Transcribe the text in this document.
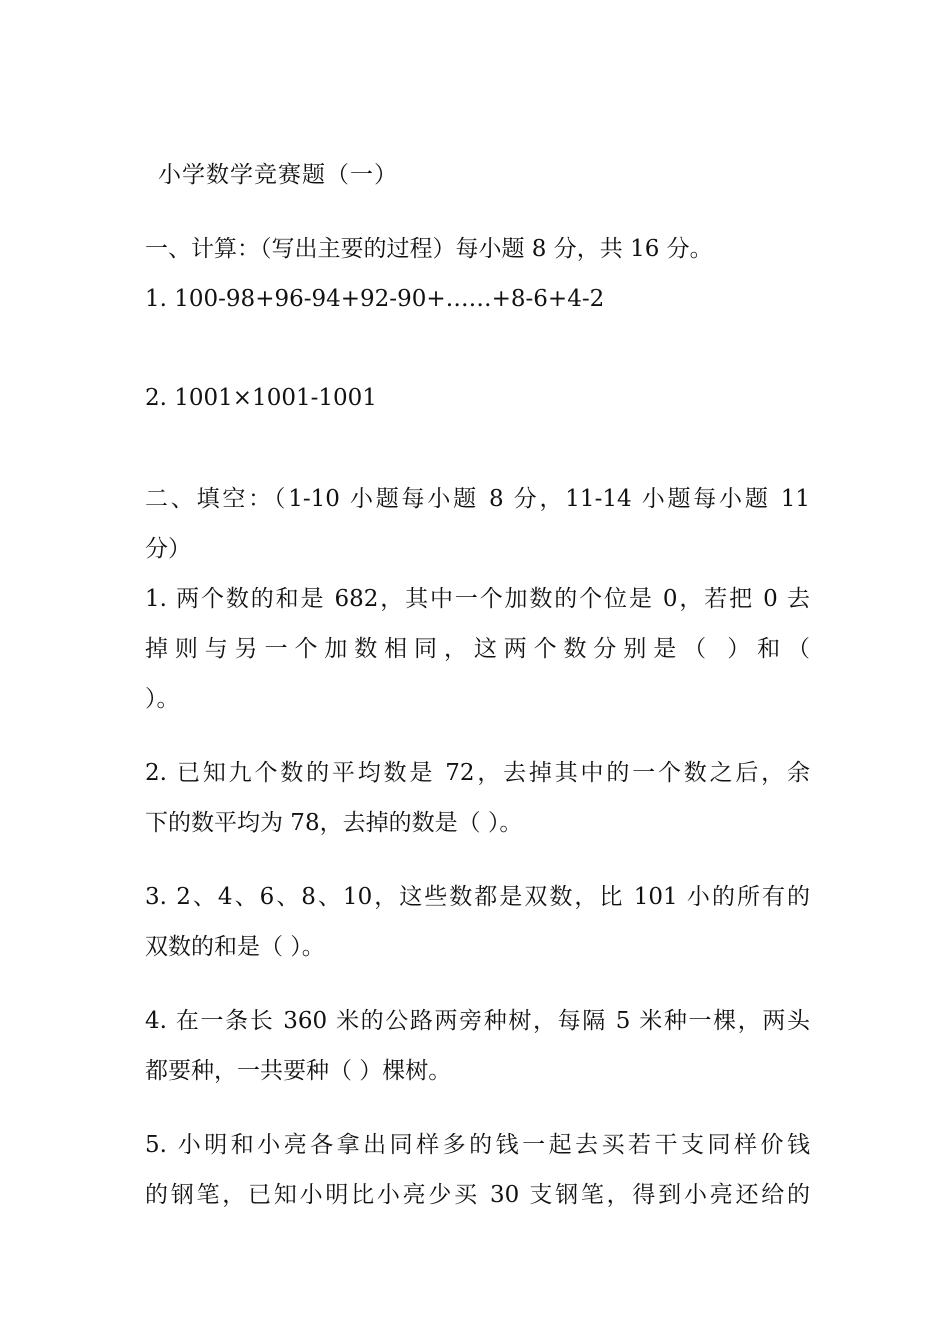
小学数学竞赛题（一）
一、计算：（写出主要的过程）每小题 8 分，共 16 分。
1. 100-98+96-94+92-90+……+8-6+4-2
2. 1001×1001-1001
二、填空：（1-10 小题每小题 8 分，11-14 小题每小题 11
分）
1. 两个数的和是 682，其中一个加数的个位是 0，若把 0 去
掉则与另一个加数相同，这两个数分别是（ ）和（
）。
2. 已知九个数的平均数是 72，去掉其中的一个数之后，余
下的数平均为 78，去掉的数是（ ）。
3. 2、4、6、8、10，这些数都是双数，比 101 小的所有的
双数的和是（ ）。
4. 在一条长 360 米的公路两旁种树，每隔 5 米种一棵，两头
都要种，一共要种（ ）棵树。
5. 小明和小亮各拿出同样多的钱一起去买若干支同样价钱
的钢笔，已知小明比小亮少买 30 支钢笔，得到小亮还给的
